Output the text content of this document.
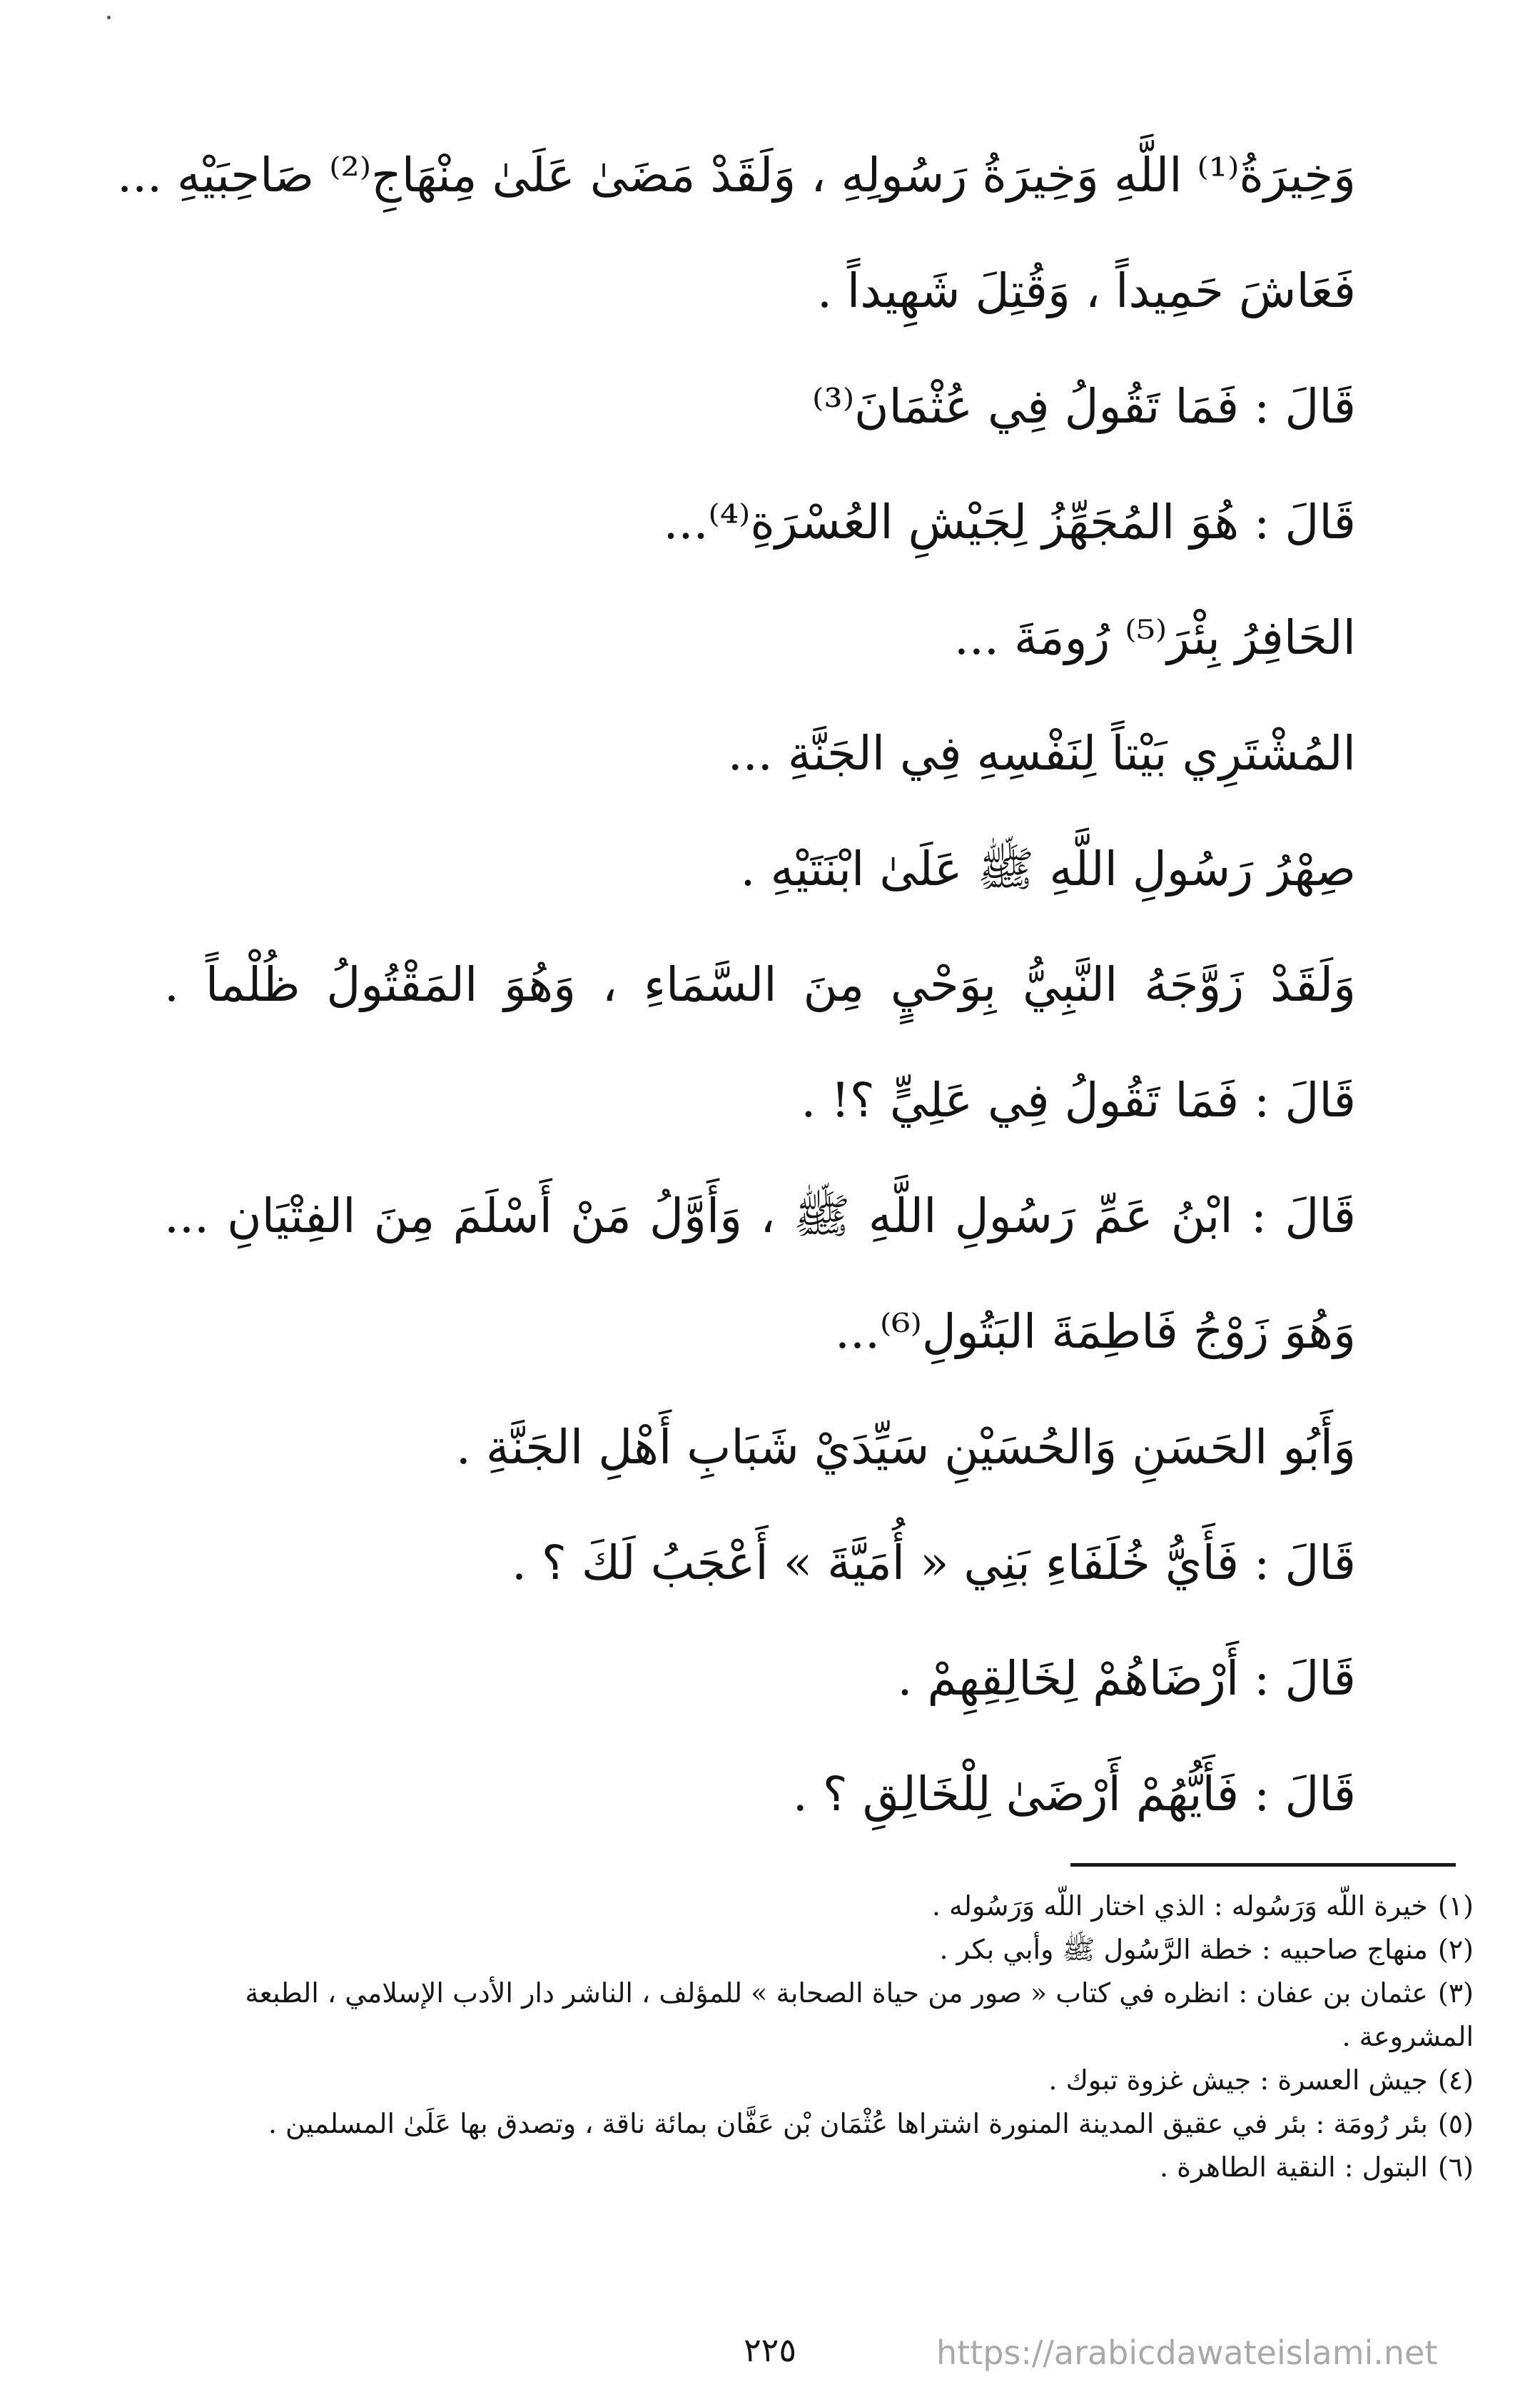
وَخِيرَةُ⁽¹⁾ اللَّهِ وَخِيرَةُ رَسُولِهِ ، وَلَقَدْ مَضَىٰ عَلَىٰ مِنْهَاجِ⁽²⁾ صَاحِبَيْهِ ...
فَعَاشَ حَمِيداً ، وَقُتِلَ شَهِيداً .
قَالَ : فَمَا تَقُولُ فِي عُثْمَانَ⁽³⁾
قَالَ : هُوَ المُجَهِّزُ لِجَيْشِ العُسْرَةِ⁽⁴⁾...
الحَافِرُ بِئْرَ⁽⁵⁾ رُومَةَ ...
المُشْتَرِي بَيْتاً لِنَفْسِهِ فِي الجَنَّةِ ...
صِهْرُ رَسُولِ اللَّهِ ﷺ عَلَىٰ ابْنَتَيْهِ .
وَلَقَدْ زَوَّجَهُ النَّبِيُّ بِوَحْيٍ مِنَ السَّمَاءِ ، وَهُوَ المَقْتُولُ ظُلْماً .
قَالَ : فَمَا تَقُولُ فِي عَلِيٍّ ؟! .
قَالَ : ابْنُ عَمِّ رَسُولِ اللَّهِ ﷺ ، وَأَوَّلُ مَنْ أَسْلَمَ مِنَ الفِتْيَانِ ...
وَهُوَ زَوْجُ فَاطِمَةَ البَتُولِ⁽⁶⁾...
وَأَبُو الحَسَنِ وَالحُسَيْنِ سَيِّدَيْ شَبَابِ أَهْلِ الجَنَّةِ .
قَالَ : فَأَيُّ خُلَفَاءِ بَنِي « أُمَيَّةَ » أَعْجَبُ لَكَ ؟ .
قَالَ : أَرْضَاهُمْ لِخَالِقِهِمْ .
قَالَ : فَأَيُّهُمْ أَرْضَىٰ لِلْخَالِقِ ؟ .
(١)خيرة اللّه وَرَسُوله : الذي اختار اللّه وَرَسُوله .
(٢)منهاج صاحبيه : خطة الرَّسُول ﷺ وأبي بكر .
(٣)عثمان بن عفان : انظره في كتاب « صور من حياة الصحابة » للمؤلف ، الناشر دار الأدب الإسلامي ، الطبعة
المشروعة .
(٤)جيش العسرة : جيش غزوة تبوك .
(٥)بئر رُومَة : بئر في عقيق المدينة المنورة اشتراها عُثْمَان بْن عَفَّان بمائة ناقة ، وتصدق بها عَلَىٰ المسلمين .
(٦)البتول : النقية الطاهرة .
٢٢٥	https://arabicdawateislami.net
